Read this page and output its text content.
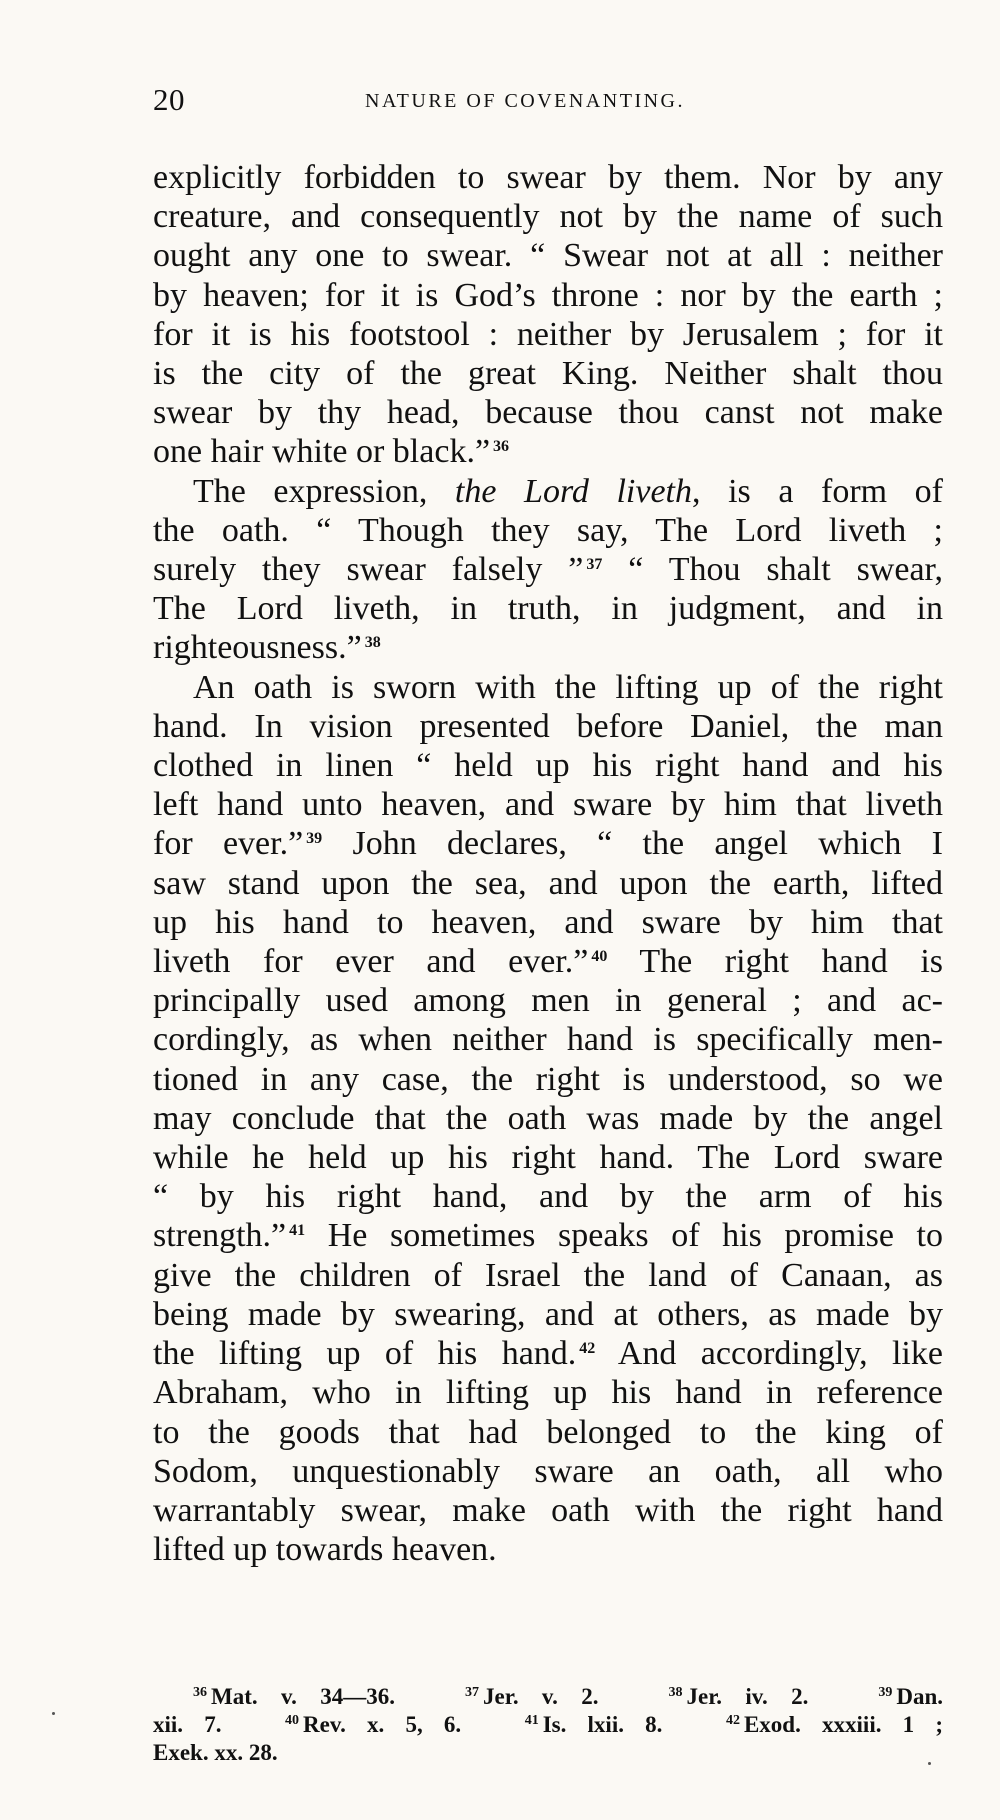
20	NATURE OF COVENANTING.
explicitly forbidden to swear by them. Nor by any
creature, and consequently not by the name of such
ought any one to swear. “ Swear not at all : neither
by heaven; for it is God’s throne : nor by the earth ;
for it is his footstool : neither by Jerusalem ; for it
is the city of the great King. Neither shalt thou
swear by thy head, because thou canst not make
one hair white or black.” $^{36}$
The expression, the Lord liveth, is a form of
the oath. “ Though they say, The Lord liveth ;
surely they swear falsely ” $^{37}$ “ Thou shalt swear,
The Lord liveth, in truth, in judgment, and in
righteousness.” $^{38}$
An oath is sworn with the lifting up of the right
hand. In vision presented before Daniel, the man
clothed in linen “ held up his right hand and his
left hand unto heaven, and sware by him that liveth
for ever.” $^{39}$ John declares, “ the angel which I
saw stand upon the sea, and upon the earth, lifted
up his hand to heaven, and sware by him that
liveth for ever and ever.” $^{40}$ The right hand is
principally used among men in general ; and ac-
cordingly, as when neither hand is specifically men-
tioned in any case, the right is understood, so we
may conclude that the oath was made by the angel
while he held up his right hand. The Lord sware
“ by his right hand, and by the arm of his
strength.” $^{41}$ He sometimes speaks of his promise to
give the children of Israel the land of Canaan, as
being made by swearing, and at others, as made by
the lifting up of his hand. $^{42}$ And accordingly, like
Abraham, who in lifting up his hand in reference
to the goods that had belonged to the king of
Sodom, unquestionably sware an oath, all who
warrantably swear, make oath with the right hand
lifted up towards heaven.
$^{36}$ Mat. v. 34—36.	$^{37}$ Jer. v. 2.	$^{38}$ Jer. iv. 2.	$^{39}$ Dan.
xii. 7.	$^{40}$ Rev. x. 5, 6.	$^{41}$ Is. lxii. 8.	$^{42}$ Exod. xxxiii. 1 ;
Exek. xx. 28.
